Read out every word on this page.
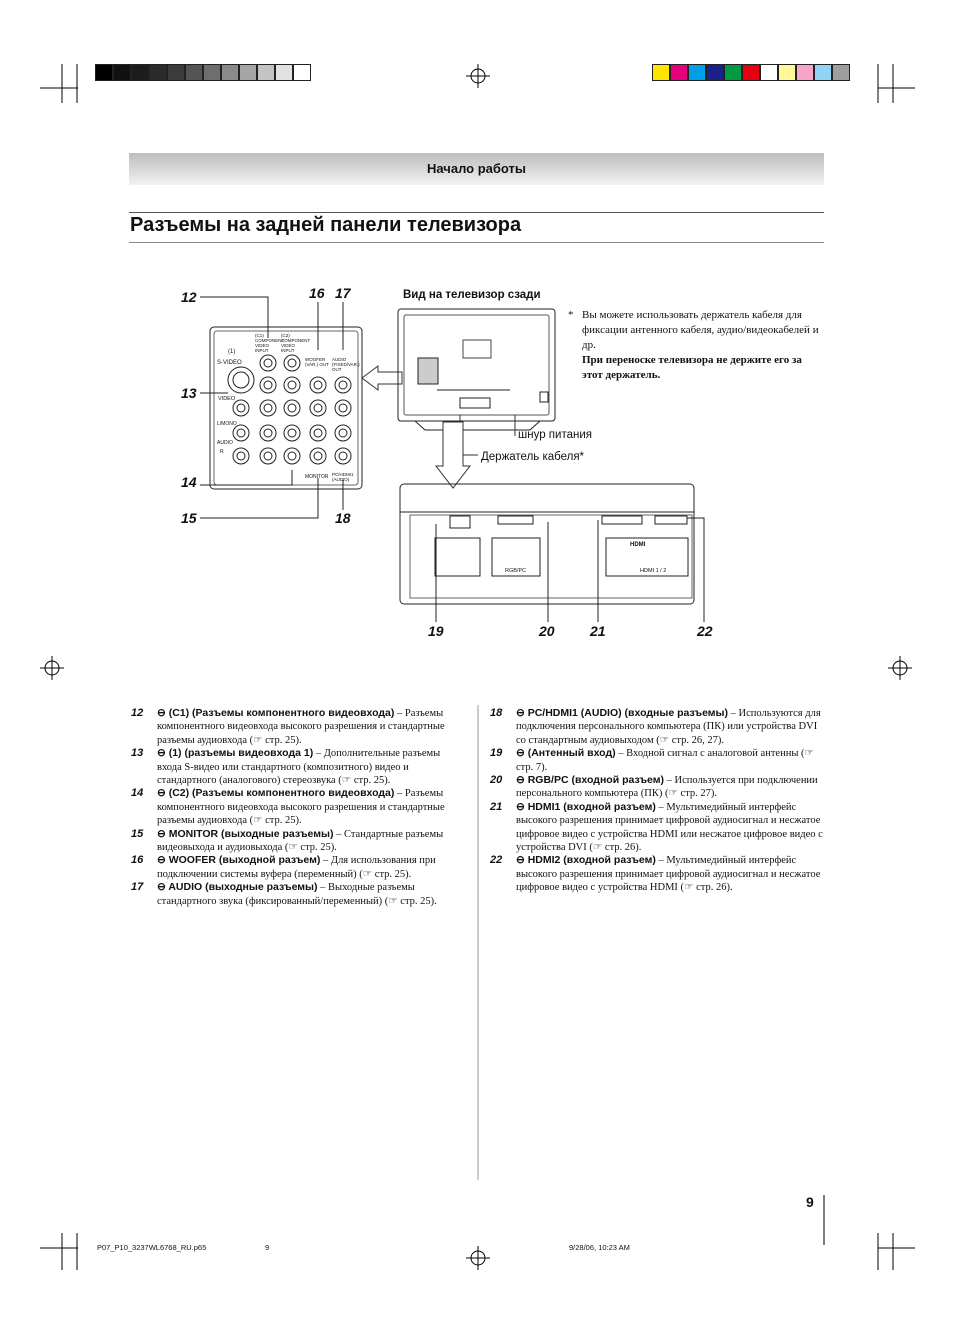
Начало работы
Разъемы на задней панели телевизора
(1)
S-VIDEO
VIDEO
L/MONO
AUDIO
R
(C1) COMPONENT VIDEO INPUT
(C2) COMPONENT VIDEO INPUT
WOOFER (VAR.) OUT
AUDIO (FIXED/VAR.) OUT
MONITOR PC/HDMI1 (AUDIO)
RGB/PC
HDMI
HDMI 1 / 2
12
13
14
15
16 17
18
19	20	21	22
Вид на телевизор сзади
шнур питания
Держатель кабеля*
* Вы можете использовать держатель кабеля для фиксации антенного кабеля, аудио/видеокабелей и др.
При переноске телевизора не держите его за этот держатель.
12	⊖ (C1) (Разъемы компонентного видеовхода) – Разъемы компонентного видеовхода высокого разрешения и стандартные разъемы аудиовхода (☞ стр. 25).
13	⊖ (1) (разъемы видеовхода 1) – Дополнительные разъемы входа S-видео или стандартного (композитного) видео и стандартного (аналогового) стереозвука (☞ стр. 25).
14	⊖ (C2) (Разъемы компонентного видеовхода) – Разъемы компонентного видеовхода высокого разрешения и стандартные разъемы аудиовхода (☞ стр. 25).
15	⊖ MONITOR (выходные разъемы) – Стандартные разъемы видеовыхода и аудиовыхода (☞ стр. 25).
16	⊖ WOOFER (выходной разъем) – Для использования при подключении системы вуфера (переменный) (☞ стр. 25).
17	⊖ AUDIO (выходные разъемы) – Выходные разъемы стандартного звука (фиксированный/переменный) (☞ стр. 25).
18	⊖ PC/HDMI1 (AUDIO) (входные разъемы) – Используются для подключения персонального компьютера (ПК) или устройства DVI со стандартным аудиовыходом (☞ стр. 26, 27).
19	⊖ (Антенный вход) – Входной сигнал с аналоговой антенны (☞ стр. 7).
20	⊖ RGB/PC (входной разъем) – Используется при подключении персонального компьютера (ПК) (☞ стр. 27).
21	⊖ HDMI1 (входной разъем) – Мультимедийный интерфейс высокого разрешения принимает цифровой аудиосигнал и несжатое цифровое видео с устройства HDMI или несжатое цифровое видео с устройства DVI (☞ стр. 26).
22	⊖ HDMI2 (входной разъем) – Мультимедийный интерфейс высокого разрешения принимает цифровой аудиосигнал и несжатое цифровое видео с устройства HDMI (☞ стр. 26).
9
P07_P10_3237WL6768_RU.p65	9	9/28/06, 10:23 AM
